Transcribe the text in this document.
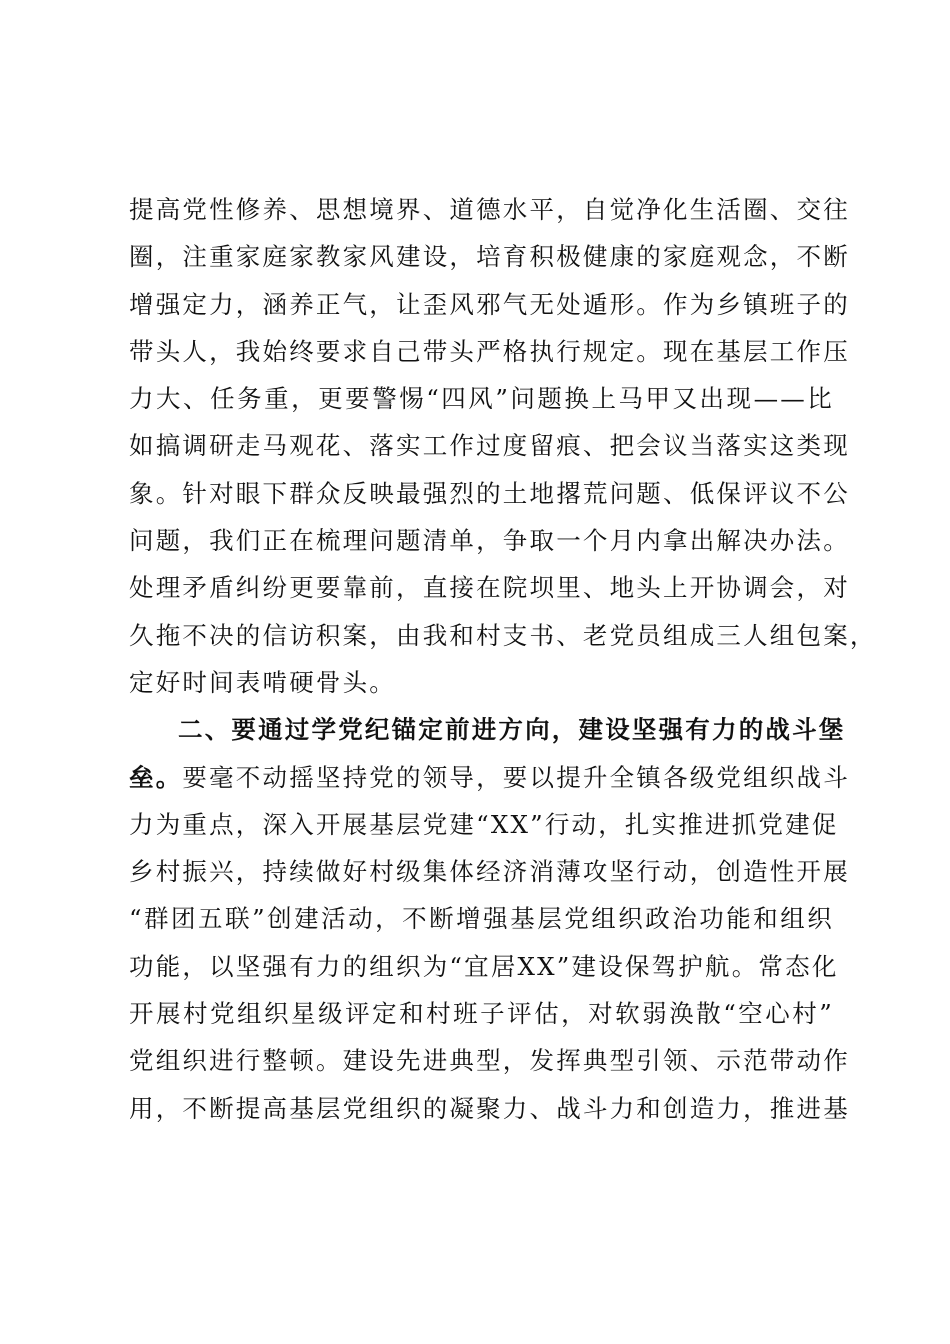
提高党性修养、思想境界、道德水平，自觉净化生活圈、交往
圈，注重家庭家教家风建设，培育积极健康的家庭观念，不断
增强定力，涵养正气，让歪风邪气无处遁形。作为乡镇班子的
带头人，我始终要求自己带头严格执行规定。现在基层工作压
力大、任务重，更要警惕“四风”问题换上马甲又出现——比
如搞调研走马观花、落实工作过度留痕、把会议当落实这类现
象。针对眼下群众反映最强烈的土地撂荒问题、低保评议不公
问题，我们正在梳理问题清单，争取一个月内拿出解决办法。
处理矛盾纠纷更要靠前，直接在院坝里、地头上开协调会，对
久拖不决的信访积案，由我和村支书、老党员组成三人组包案，
定好时间表啃硬骨头。
二、要通过学党纪锚定前进方向，建设坚强有力的战斗堡
垒。要毫不动摇坚持党的领导，要以提升全镇各级党组织战斗
力为重点，深入开展基层党建“XX”行动，扎实推进抓党建促
乡村振兴，持续做好村级集体经济消薄攻坚行动，创造性开展
“群团五联”创建活动，不断增强基层党组织政治功能和组织
功能，以坚强有力的组织为“宜居XX”建设保驾护航。常态化
开展村党组织星级评定和村班子评估，对软弱涣散“空心村”
党组织进行整顿。建设先进典型，发挥典型引领、示范带动作
用，不断提高基层党组织的凝聚力、战斗力和创造力，推进基
